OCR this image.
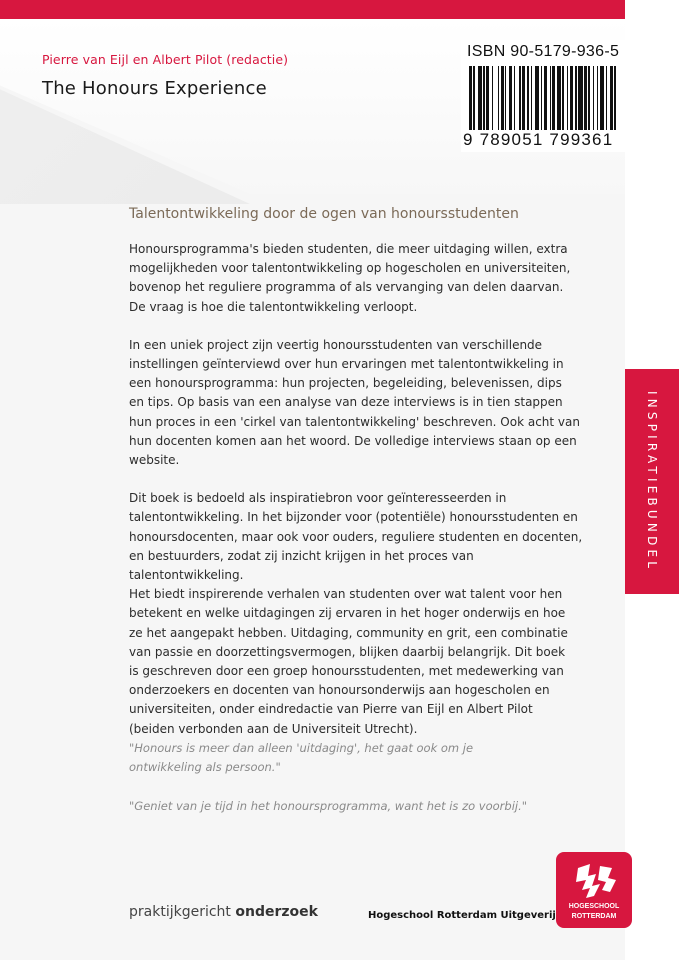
Pierre van Eijl en Albert Pilot (redactie)
The Honours Experience
ISBN 90-5179-936-5
9 789051 799361
Talentontwikkeling door de ogen van honoursstudenten

Honoursprogramma's bieden studenten, die meer uitdaging willen, extra
mogelijkheden voor talentontwikkeling op hogescholen en universiteiten,
bovenop het reguliere programma of als vervanging van delen daarvan.
De vraag is hoe die talentontwikkeling verloopt.

In een uniek project zijn veertig honoursstudenten van verschillende
instellingen geïnterviewd over hun ervaringen met talentontwikkeling in
een honoursprogramma: hun projecten, begeleiding, belevenissen, dips
en tips. Op basis van een analyse van deze interviews is in tien stappen
hun proces in een 'cirkel van talentontwikkeling' beschreven. Ook acht van
hun docenten komen aan het woord. De volledige interviews staan op een
website.

Dit boek is bedoeld als inspiratiebron voor geïnteresseerden in
talentontwikkeling. In het bijzonder voor (potentiële) honoursstudenten en
honoursdocenten, maar ook voor ouders, reguliere studenten en docenten,
en bestuurders, zodat zij inzicht krijgen in het proces van talentontwikkeling.
Het biedt inspirerende verhalen van studenten over wat talent voor hen
betekent en welke uitdagingen zij ervaren in het hoger onderwijs en hoe
ze het aangepakt hebben. Uitdaging, community en grit, een combinatie
van passie en doorzettingsvermogen, blijken daarbij belangrijk. Dit boek
is geschreven door een groep honoursstudenten, met medewerking van
onderzoekers en docenten van honoursonderwijs aan hogescholen en
universiteiten, onder eindredactie van Pierre van Eijl en Albert Pilot
(beiden verbonden aan de Universiteit Utrecht).

"Honours is meer dan alleen 'uitdaging', het gaat ook om je
ontwikkeling als persoon."
"Geniet van je tijd in het honoursprogramma, want het is zo voorbij."
INSPIRATIEBUNDEL
praktijkgericht onderzoek	Hogeschool Rotterdam Uitgeverij
HOGESCHOOL
ROTTERDAM
